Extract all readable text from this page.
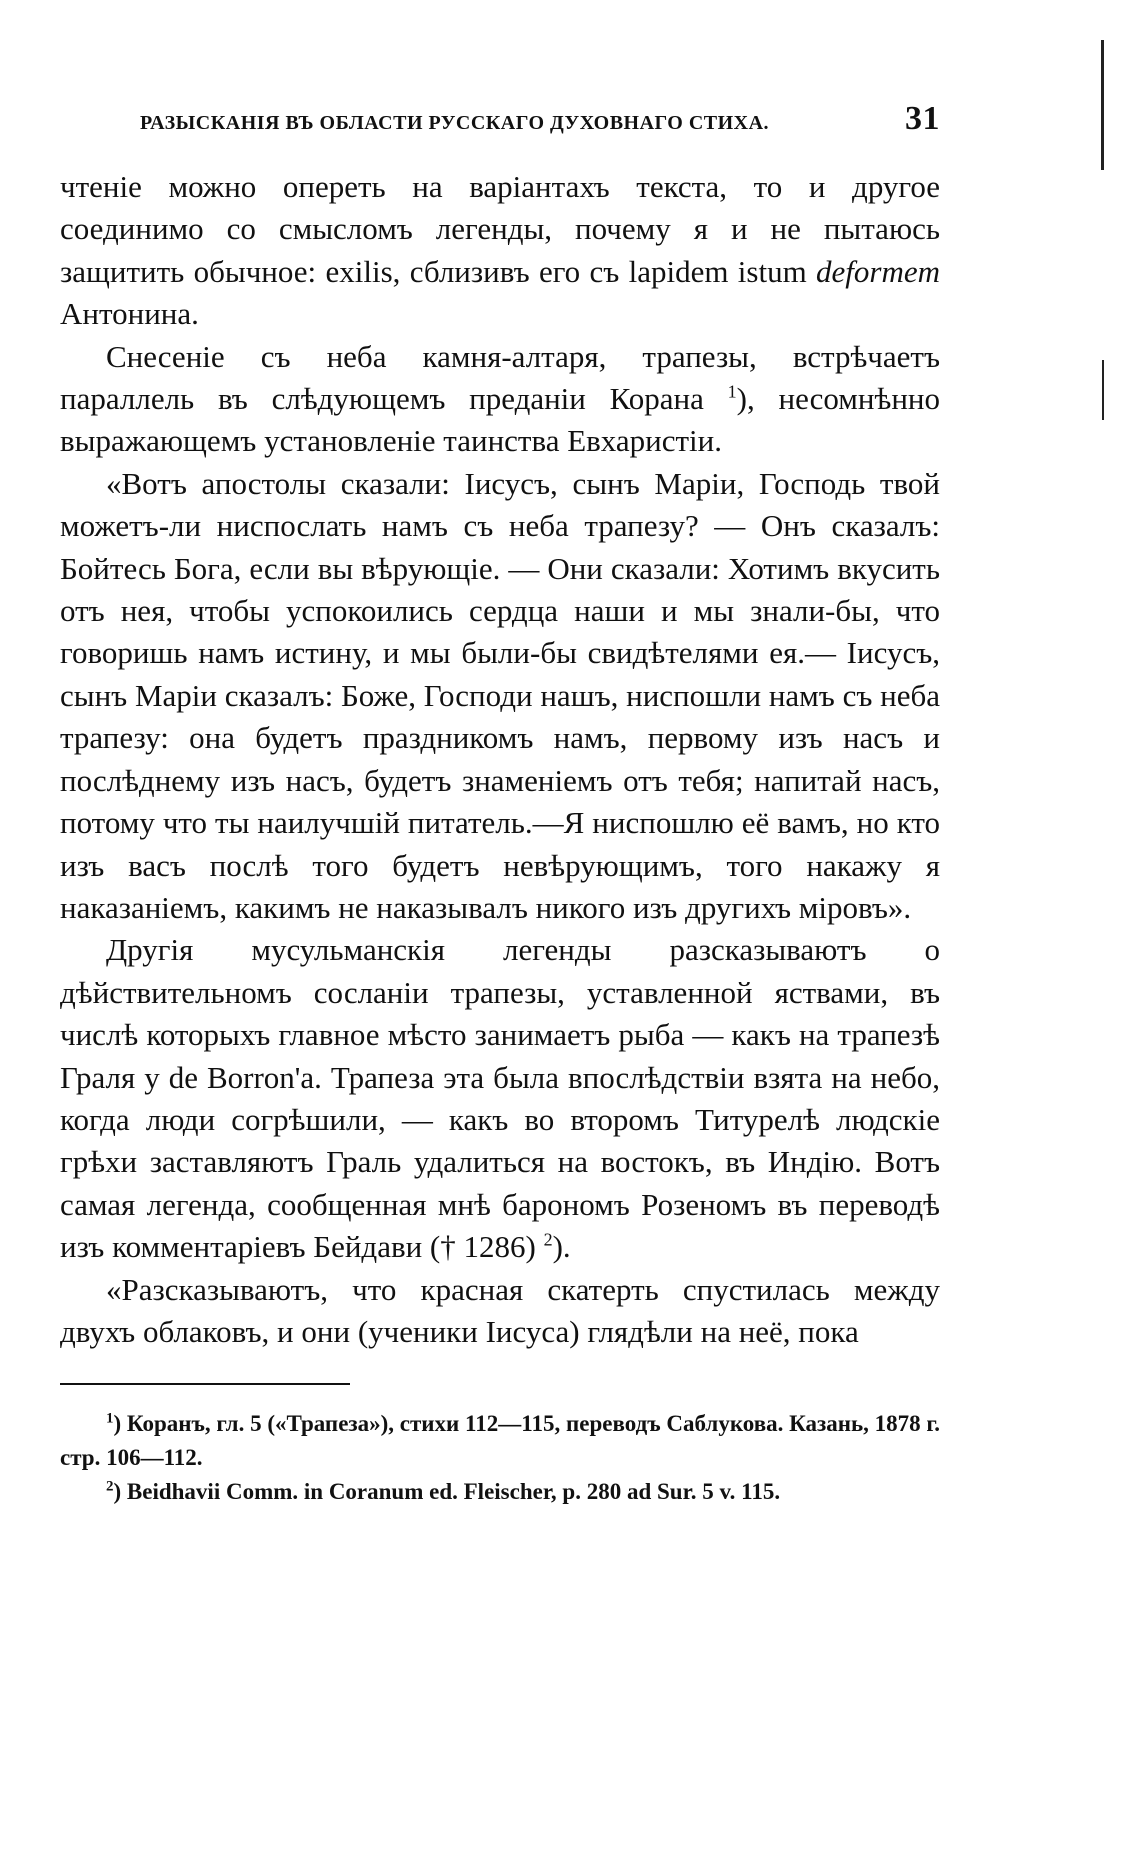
РАЗЫСКАНІЯ ВЪ ОБЛАСТИ РУССКАГО ДУХОВНАГО СТИХА.	31

чтеніе можно опереть на варіантахъ текста, то и другое соединимо со смысломъ легенды, почему я и не пытаюсь защитить обычное: exilis, сблизивъ его съ lapidem istum deformem Антонина.

Снесеніе съ неба камня-алтаря, трапезы, встрѣчаетъ параллель въ слѣдующемъ преданіи Корана $^1$), несомнѣнно выражающемъ установленіе таинства Евхаристіи.

«Вотъ апостолы сказали: Іисусъ, сынъ Маріи, Господь твой можетъ-ли ниспослать намъ съ неба трапезу? — Онъ сказалъ: Бойтесь Бога, если вы вѣрующіе. — Они сказали: Хотимъ вкусить отъ нея, чтобы успокоились сердца наши и мы знали-бы, что говоришь намъ истину, и мы были-бы свидѣтелями ея.— Іисусъ, сынъ Маріи сказалъ: Боже, Господи нашъ, ниспошли намъ съ неба трапезу: она будетъ праздникомъ намъ, первому изъ насъ и послѣднему изъ насъ, будетъ знаменіемъ отъ тебя; напитай насъ, потому что ты наилучшій питатель.—Я ниспошлю её вамъ, но кто изъ васъ послѣ того будетъ невѣрующимъ, того накажу я наказаніемъ, какимъ не наказывалъ никого изъ другихъ міровъ».

Другія мусульманскія легенды разсказываютъ о дѣйствительномъ сосланіи трапезы, уставленной яствами, въ числѣ которыхъ главное мѣсто занимаетъ рыба — какъ на трапезѣ Граля у de Borron'а. Трапеза эта была впослѣдствіи взята на небо, когда люди согрѣшили, — какъ во второмъ Титурелѣ людскіе грѣхи заставляютъ Граль удалиться на востокъ, въ Индію. Вотъ самая легенда, сообщенная мнѣ барономъ Розеномъ въ переводѣ изъ комментаріевъ Бейдави († 1286) $^2$).

«Разсказываютъ, что красная скатерть спустилась между двухъ облаковъ, и они (ученики Іисуса) глядѣли на неё, пока

$^1$) Коранъ, гл. 5 («Трапеза»), стихи 112—115, переводъ Саблукова. Казань, 1878 г. стр. 106—112.

$^2$) Beidhavii Comm. in Coranum ed. Fleischer, p. 280 ad Sur. 5 v. 115.
